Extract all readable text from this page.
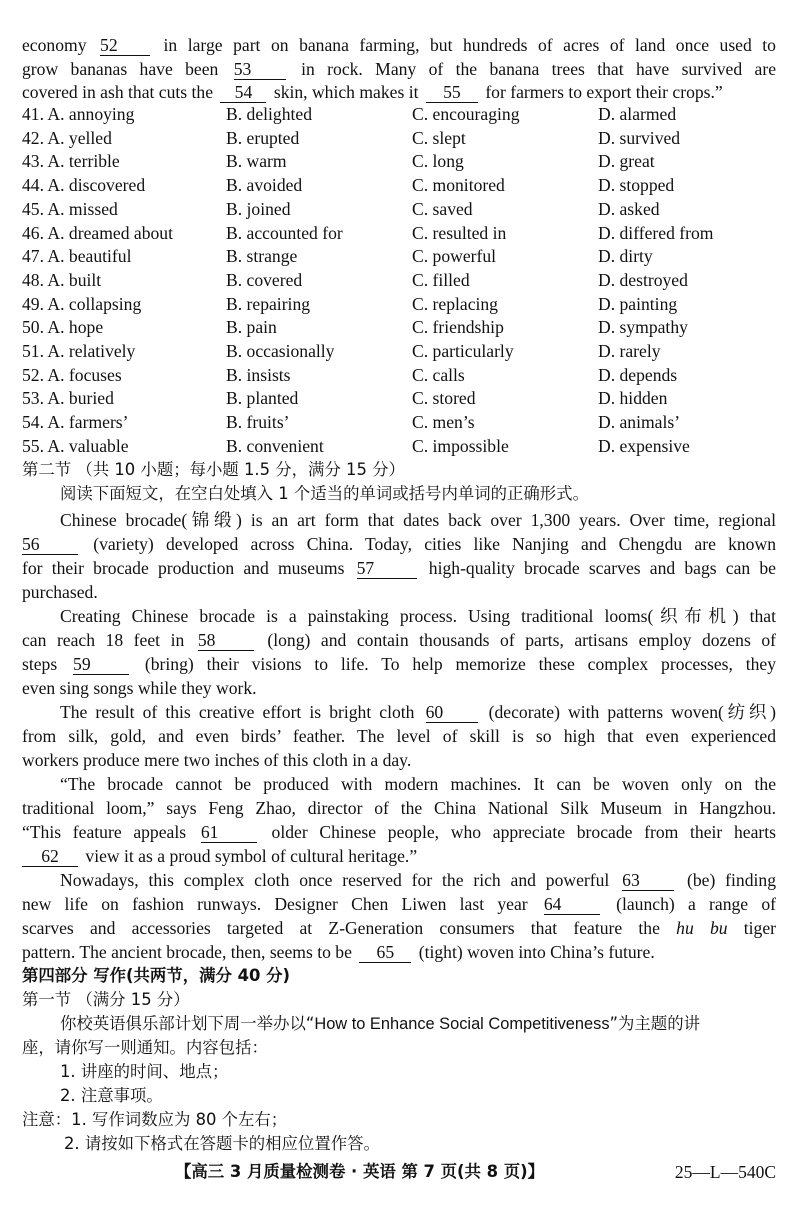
economy 52	in large part on banana farming, but hundreds of acres of land once used to
grow bananas have been 53	in rock. Many of the banana trees that have survived are
covered in ash that cuts the 54 skin, which makes it 55 for farmers to export their crops.”
41. A. annoying	B. delighted	C. encouraging	D. alarmed
42. A. yelled	B. erupted	C. slept	D. survived
43. A. terrible	B. warm	C. long	D. great
44. A. discovered	B. avoided	C. monitored	D. stopped
45. A. missed	B. joined	C. saved	D. asked
46. A. dreamed about	B. accounted for	C. resulted in	D. differed from
47. A. beautiful	B. strange	C. powerful	D. dirty
48. A. built	B. covered	C. filled	D. destroyed
49. A. collapsing	B. repairing	C. replacing	D. painting
50. A. hope	B. pain	C. friendship	D. sympathy
51. A. relatively	B. occasionally	C. particularly	D. rarely
52. A. focuses	B. insists	C. calls	D. depends
53. A. buried	B. planted	C. stored	D. hidden
54. A. farmers’	B. fruits’	C. men’s	D. animals’
55. A. valuable	B. convenient	C. impossible	D. expensive
第二节 （共 10 小题；每小题 1.5 分，满分 15 分）
阅读下面短文，在空白处填入 1 个适当的单词或括号内单词的正确形式。
Chinese brocade(锦缎) is an art form that dates back over 1,300 years. Over time, regional
56	(variety) developed across China. Today, cities like Nanjing and Chengdu are known
for their brocade production and museums 57	high-quality brocade scarves and bags can be
purchased.
Creating Chinese brocade is a painstaking process. Using traditional looms(织布机) that
can reach 18 feet in 58	(long) and contain thousands of parts, artisans employ dozens of
steps 59	(bring) their visions to life. To help memorize these complex processes, they
even sing songs while they work.
The result of this creative effort is bright cloth 60	(decorate) with patterns woven(纺织)
from silk, gold, and even birds’ feather. The level of skill is so high that even experienced
workers produce mere two inches of this cloth in a day.
“The brocade cannot be produced with modern machines. It can be woven only on the
traditional loom,” says Feng Zhao, director of the China National Silk Museum in Hangzhou.
“This feature appeals 61	older Chinese people, who appreciate brocade from their hearts
62 view it as a proud symbol of cultural heritage.”
Nowadays, this complex cloth once reserved for the rich and powerful 63	(be) finding
new life on fashion runways. Designer Chen Liwen last year 64	(launch) a range of
scarves and accessories targeted at Z-Generation consumers that feature the hu bu tiger
pattern. The ancient brocade, then, seems to be 65 (tight) woven into China’s future.
第四部分 写作(共两节，满分 40 分)
第一节 （满分 15 分）
你校英语俱乐部计划下周一举办以“How to Enhance Social Competitiveness”为主题的讲
座，请你写一则通知。内容包括：
1. 讲座的时间、地点；
2. 注意事项。
注意：1. 写作词数应为 80 个左右；
2. 请按如下格式在答题卡的相应位置作答。
【高三 3 月质量检测卷 · 英语 第 7 页(共 8 页)】	25—L—540C
